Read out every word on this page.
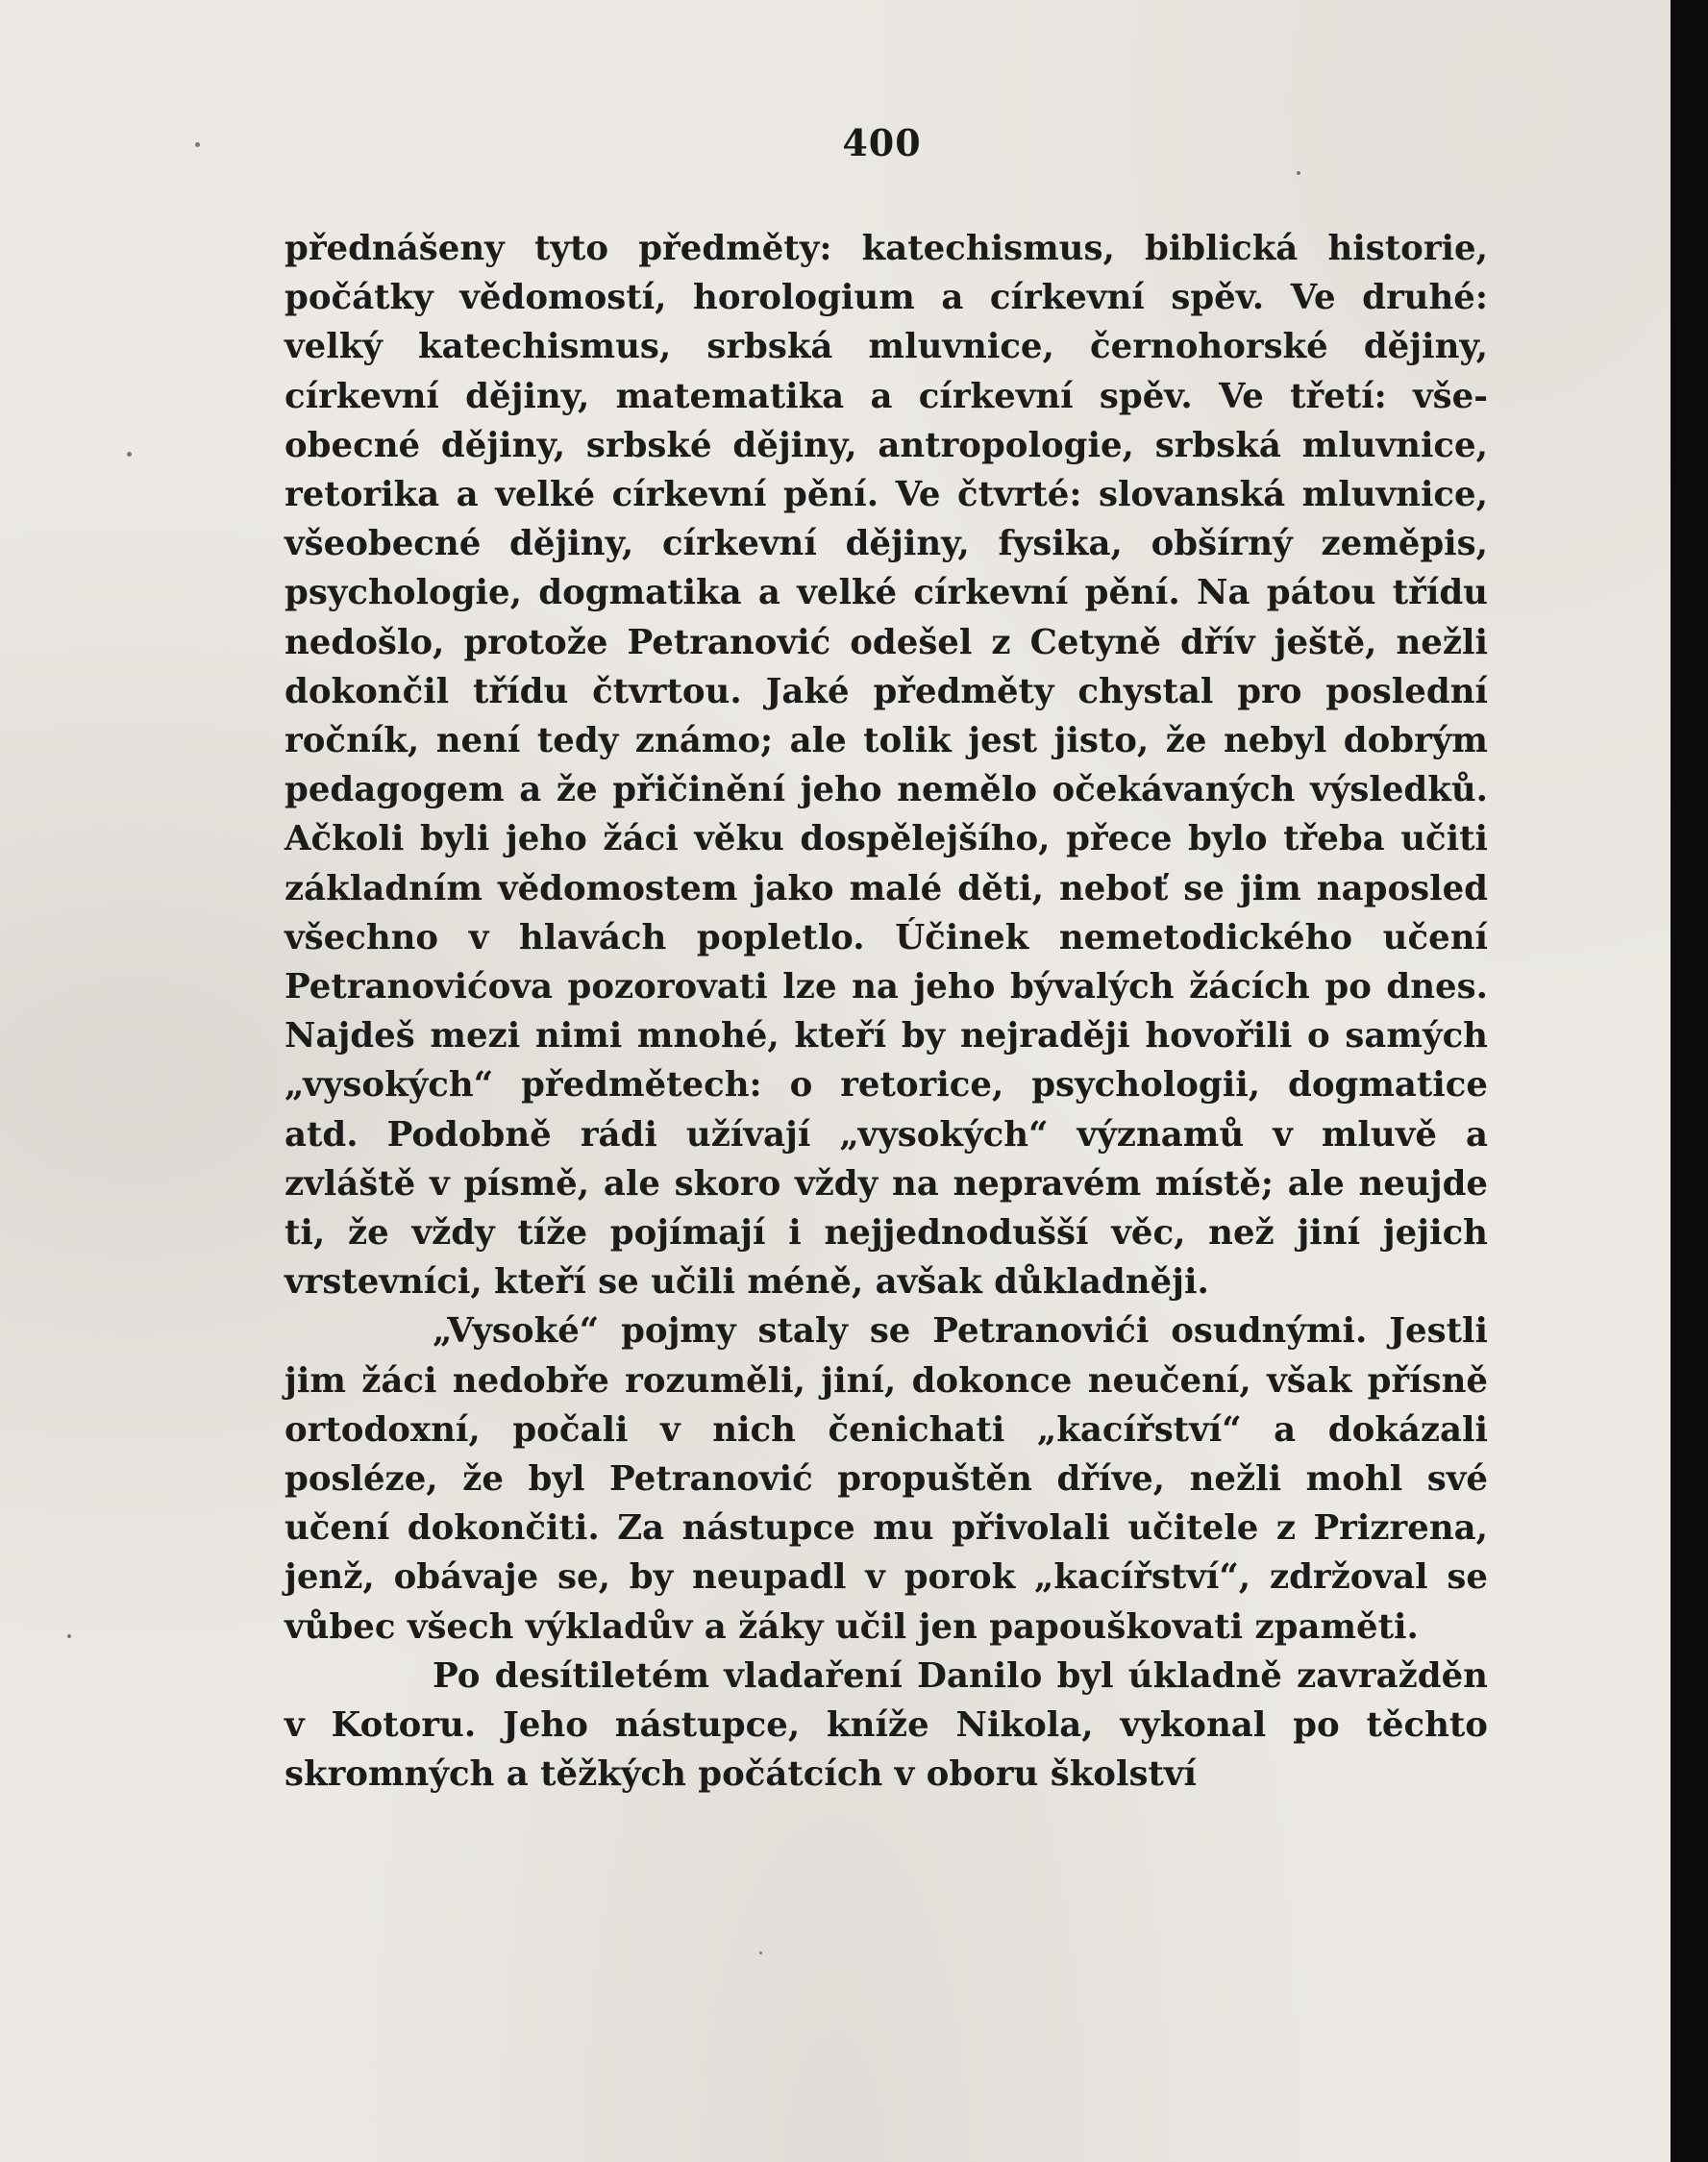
400

přednášeny tyto předměty: katechismus, biblická historie, počátky vědomostí, horologium a církevní spěv. Ve druhé: velký katechismus, srbská mluvnice, černohorské dějiny, církevní dějiny, matematika a církevní spěv. Ve třetí: všeobecné dějiny, srbské dějiny, antropologie, srbská mluvnice, retorika a velké církevní pění. Ve čtvrté: slovanská mluvnice, všeobecné dějiny, církevní dějiny, fysika, obšírný zeměpis, psychologie, dogmatika a velké církevní pění. Na pátou třídu nedošlo, protože Petranović odešel z Cetyně dřív ještě, nežli dokončil třídu čtvrtou. Jaké předměty chystal pro poslední ročník, není tedy známo; ale tolik jest jisto, že nebyl dobrým pedagogem a že přičinění jeho nemělo očekávaných výsledků. Ačkoli byli jeho žáci věku dospělejšího, přece bylo třeba učiti základním vědomostem jako malé děti, neboť se jim naposled všechno v hlavách popletlo. Účinek nemetodického učení Petranovićova pozorovati lze na jeho bývalých žácích po dnes. Najdeš mezi nimi mnohé, kteří by nejraději hovořili o samých „vysokých“ předmětech: o retorice, psychologii, dogmatice atd. Podobně rádi užívají „vysokých“ významů v mluvě a zvláště v písmě, ale skoro vždy na nepravém místě; ale neujde ti, že vždy tíže pojímají i nejjednodušší věc, než jiní jejich vrstevníci, kteří se učili méně, avšak důkladněji.

„Vysoké“ pojmy staly se Petranovići osudnými. Jestli jim žáci nedobře rozuměli, jiní, dokonce neučení, však přísně ortodoxní, počali v nich čenichati „kacířství“ a dokázali posléze, že byl Petranović propuštěn dříve, nežli mohl své učení dokončiti. Za nástupce mu přivolali učitele z Prizrena, jenž, obávaje se, by neupadl v porok „kacířství“, zdržoval se vůbec všech výkladův a žáky učil jen papouškovati zpaměti.

Po desítiletém vladaření Danilo byl úkladně zavražděn v Kotoru. Jeho nástupce, kníže Nikola, vykonal po těchto skromných a těžkých počátcích v oboru školství
